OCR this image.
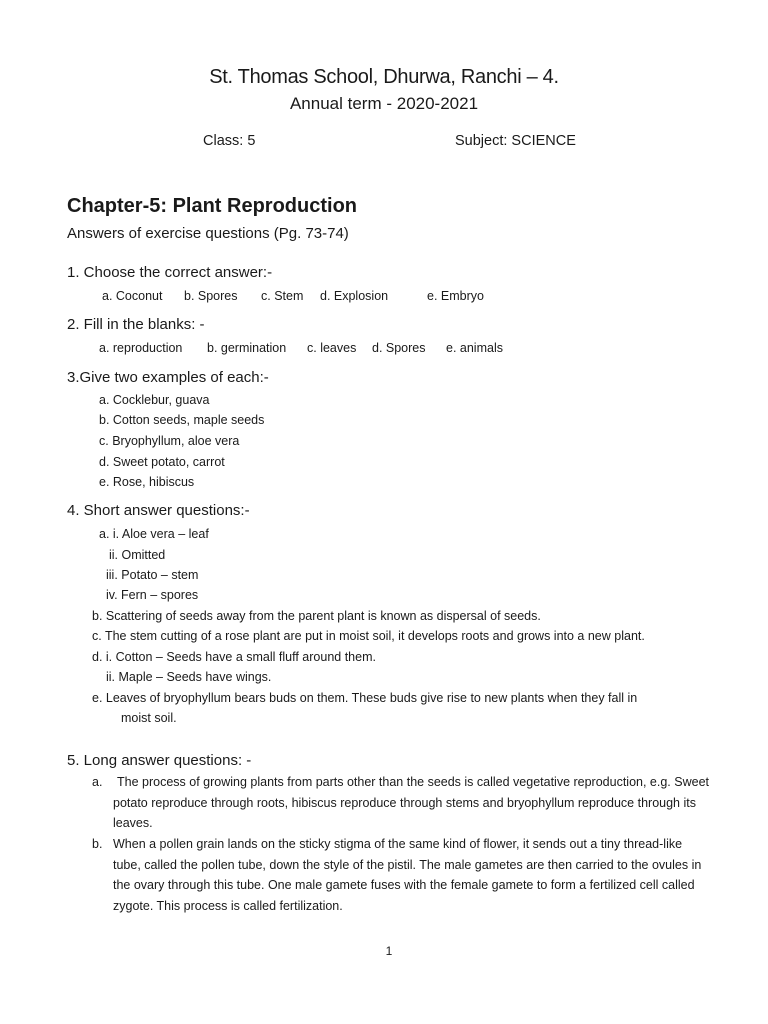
St. Thomas School, Dhurwa, Ranchi – 4.
Annual term - 2020-2021
Class: 5	Subject: SCIENCE
Chapter-5: Plant Reproduction
Answers of exercise questions (Pg. 73-74)
1. Choose the correct answer:-
a. Coconut b. Spores c. Stem d. Explosion	e. Embryo
2. Fill in the blanks: -
a. reproduction b. germination c. leaves d. Spores e. animals
3.Give two examples of each:-
a. Cocklebur, guava
b. Cotton seeds, maple seeds
c. Bryophyllum, aloe vera
d. Sweet potato, carrot
e. Rose, hibiscus
4. Short answer questions:-
a. i. Aloe vera – leaf
ii. Omitted
iii. Potato – stem
iv. Fern – spores
b. Scattering of seeds away from the parent plant is known as dispersal of seeds.
c. The stem cutting of a rose plant are put in moist soil, it develops roots and grows into a new plant.
d. i. Cotton – Seeds have a small fluff around them.
ii. Maple – Seeds have wings.
e. Leaves of bryophyllum bears buds on them. These buds give rise to new plants when they fall in
moist soil.
5. Long answer questions: -
a.	The process of growing plants from parts other than the seeds is called vegetative reproduction, e.g. Sweet potato reproduce through roots, hibiscus reproduce through stems and bryophyllum reproduce through its leaves.
b. When a pollen grain lands on the sticky stigma of the same kind of flower, it sends out a tiny thread-like tube, called the pollen tube, down the style of the pistil. The male gametes are then carried to the ovules in the ovary through this tube. One male gamete fuses with the female gamete to form a fertilized cell called zygote. This process is called fertilization.
1
